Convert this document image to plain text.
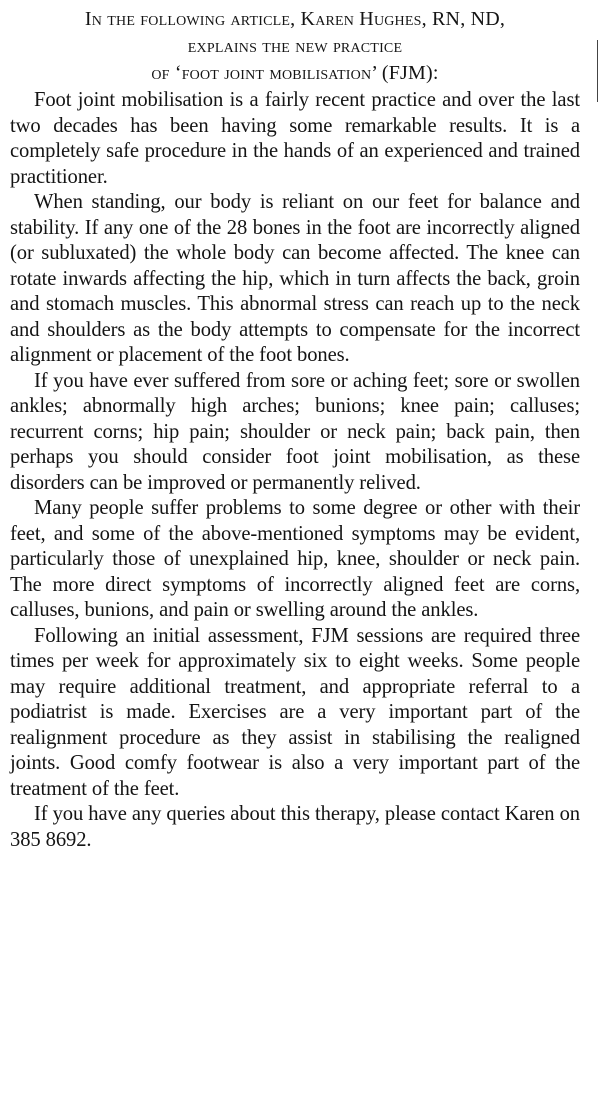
In the following article, Karen Hughes, RN, ND,
explains the new practice
of ‘foot joint mobilisation’ (FJM):

Foot joint mobilisation is a fairly recent practice and over the last two decades has been having some remarkable results. It is a completely safe procedure in the hands of an experienced and trained practitioner.

When standing, our body is reliant on our feet for balance and stability. If any one of the 28 bones in the foot are incorrectly aligned (or subluxated) the whole body can become affected. The knee can rotate inwards affecting the hip, which in turn affects the back, groin and stomach muscles. This abnormal stress can reach up to the neck and shoulders as the body attempts to compensate for the incorrect alignment or placement of the foot bones.

If you have ever suffered from sore or aching feet; sore or swollen ankles; abnormally high arches; bunions; knee pain; calluses; recurrent corns; hip pain; shoulder or neck pain; back pain, then perhaps you should consider foot joint mobilisation, as these disorders can be improved or permanently relived.

Many people suffer problems to some degree or other with their feet, and some of the above-mentioned symptoms may be evident, particularly those of unexplained hip, knee, shoulder or neck pain. The more direct symptoms of incorrectly aligned feet are corns, calluses, bunions, and pain or swelling around the ankles.

Following an initial assessment, FJM sessions are required three times per week for approximately six to eight weeks. Some people may require additional treatment, and appropriate referral to a podiatrist is made. Exercises are a very important part of the realignment procedure as they assist in stabilising the realigned joints. Good comfy footwear is also a very important part of the treatment of the feet.

If you have any queries about this therapy, please contact Karen on 385 8692.
